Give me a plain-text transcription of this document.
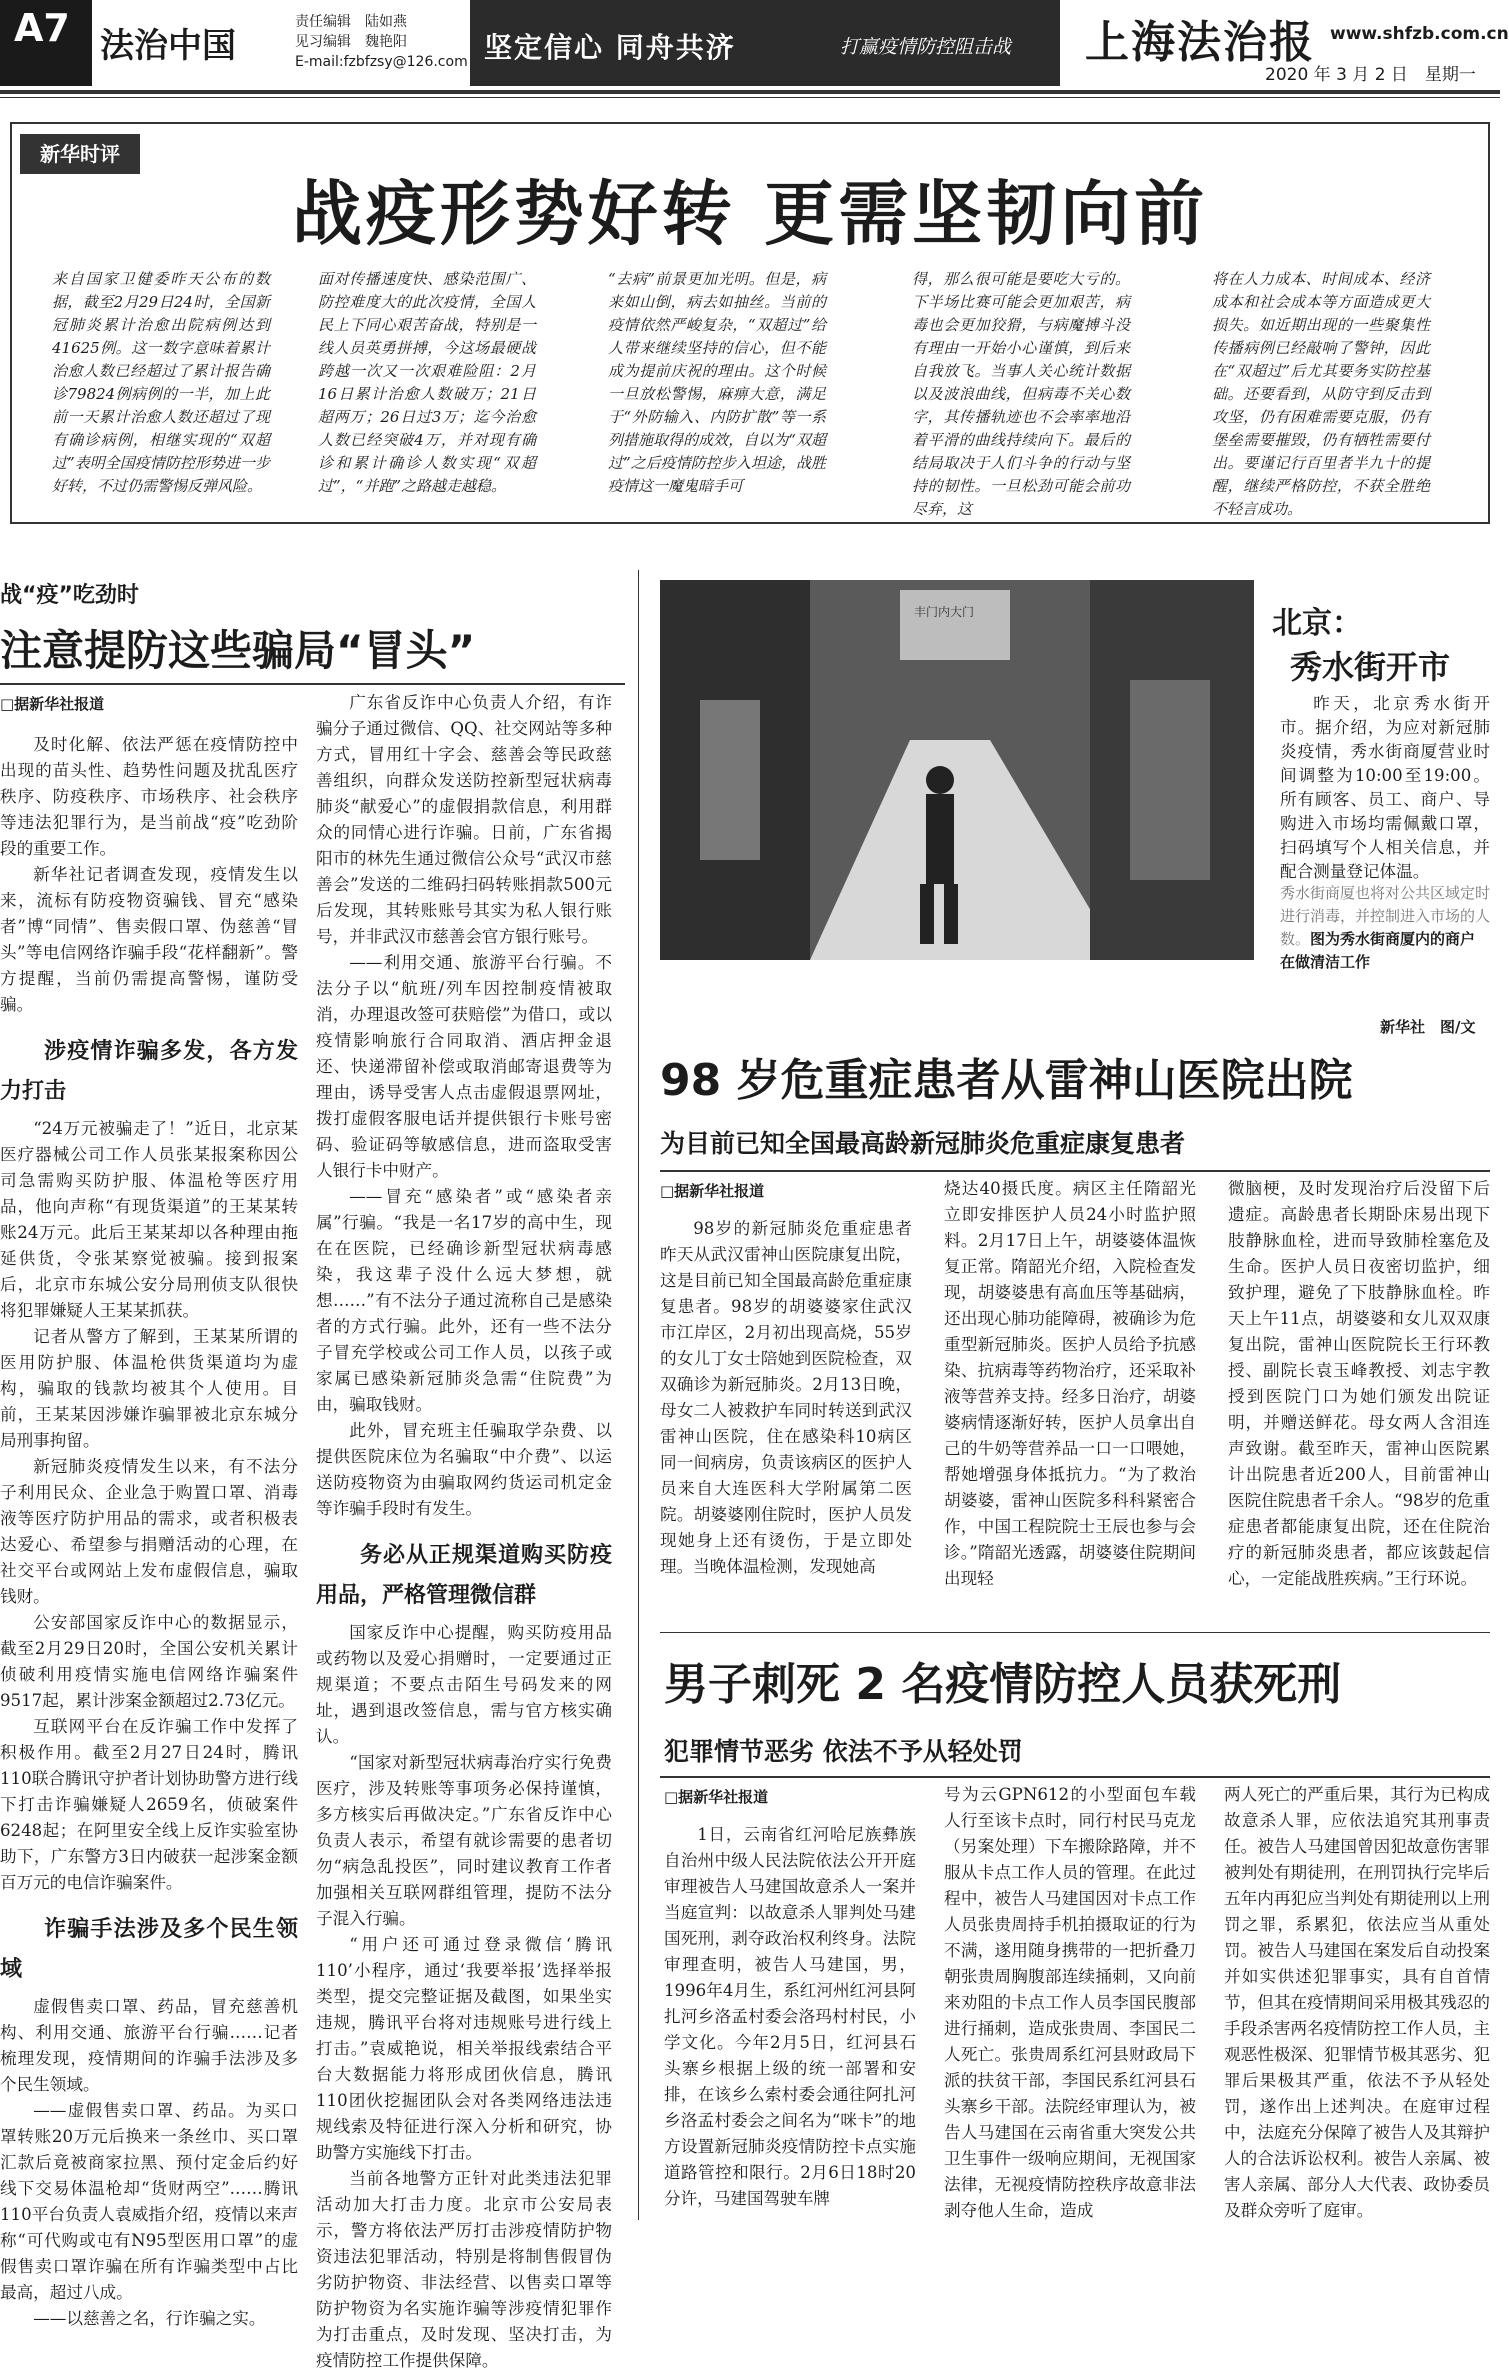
A7 法治中国
责任编辑　陆如燕
见习编辑　魏艳阳
E-mail:fzbfzsy@126.com 坚定信心 同舟共济	打赢疫情防控阻击战 上海法治报 www.shfzb.com.cn
2020 年 3 月 2 日　星期一
新华时评
战疫形势好转 更需坚韧向前
来自国家卫健委昨天公布的数据，截至2月29日24时，全国新冠肺炎累计治愈出院病例达到41625例。这一数字意味着累计治愈人数已经超过了累计报告确诊79824例病例的一半，加上此前一天累计治愈人数还超过了现有确诊病例，相继实现的“双超过”表明全国疫情防控形势进一步好转，不过仍需警惕反弹风险。
面对传播速度快、感染范围广、防控难度大的此次疫情，全国人民上下同心艰苦奋战，特别是一线人员英勇拼搏，今这场最硬战跨越一次又一次艰难险阻：2月16日累计治愈人数破万；21日超两万；26日过3万；迄今治愈人数已经突破4万，并对现有确诊和累计确诊人数实现“双超过”，“并跑”之路越走越稳。
“去病”前景更加光明。但是，病来如山倒，病去如抽丝。当前的疫情依然严峻复杂，“双超过”给人带来继续坚持的信心，但不能成为提前庆祝的理由。这个时候一旦放松警惕，麻痹大意，满足于“外防输入、内防扩散”等一系列措施取得的成效，自以为“双超过”之后疫情防控步入坦途，战胜疫情这一魔鬼暗手可
得，那么很可能是要吃大亏的。下半场比赛可能会更加艰苦，病毒也会更加狡猾，与病魔搏斗没有理由一开始小心谨慎，到后来自我放飞。当事人关心统计数据以及波浪曲线，但病毒不关心数字，其传播轨迹也不会率率地沿着平滑的曲线持续向下。最后的结局取决于人们斗争的行动与坚持的韧性。一旦松劲可能会前功尽弃，这
将在人力成本、时间成本、经济成本和社会成本等方面造成更大损失。如近期出现的一些聚集性传播病例已经敲响了警钟，因此在“双超过”后尤其要务实防控基础。还要看到，从防守到反击到攻坚，仍有困难需要克服，仍有堡垒需要摧毁，仍有牺牲需要付出。要谨记行百里者半九十的提醒，继续严格防控，不获全胜绝不轻言成功。
战“疫”吃劲时
注意提防这些骗局“冒头”
□据新华社报道

及时化解、依法严惩在疫情防控中出现的苗头性、趋势性问题及扰乱医疗秩序、防疫秩序、市场秩序、社会秩序等违法犯罪行为，是当前战“疫”吃劲阶段的重要工作。

新华社记者调查发现，疫情发生以来，流标有防疫物资骗钱、冒充“感染者”博“同情”、售卖假口罩、伪慈善“冒头”等电信网络诈骗手段“花样翻新”。警方提醒，当前仍需提高警惕，谨防受骗。

涉疫情诈骗多发，各方发力打击

“24万元被骗走了！”近日，北京某医疗器械公司工作人员张某报案称因公司急需购买防护服、体温枪等医疗用品，他向声称“有现货渠道”的王某某转账24万元。此后王某某却以各种理由拖延供货，令张某察觉被骗。接到报案后，北京市东城公安分局刑侦支队很快将犯罪嫌疑人王某某抓获。

记者从警方了解到，王某某所谓的医用防护服、体温枪供货渠道均为虚构，骗取的钱款均被其个人使用。目前，王某某因涉嫌诈骗罪被北京东城分局刑事拘留。

新冠肺炎疫情发生以来，有不法分子利用民众、企业急于购置口罩、消毒液等医疗防护用品的需求，或者积极表达爱心、希望参与捐赠活动的心理，在社交平台或网站上发布虚假信息，骗取钱财。

公安部国家反诈中心的数据显示，截至2月29日20时，全国公安机关累计侦破利用疫情实施电信网络诈骗案件9517起，累计涉案金额超过2.73亿元。

互联网平台在反诈骗工作中发挥了积极作用。截至2月27日24时，腾讯110联合腾讯守护者计划协助警方进行线下打击诈骗嫌疑人2659名，侦破案件6248起；在阿里安全线上反诈实验室协助下，广东警方3日内破获一起涉案金额百万元的电信诈骗案件。

诈骗手法涉及多个民生领域

虚假售卖口罩、药品，冒充慈善机构、利用交通、旅游平台行骗……记者梳理发现，疫情期间的诈骗手法涉及多个民生领域。

——虚假售卖口罩、药品。为买口罩转账20万元后换来一条丝巾、买口罩汇款后竟被商家拉黑、预付定金后约好线下交易体温枪却“货财两空”……腾讯110平台负责人袁威指介绍，疫情以来声称“可代购或屯有N95型医用口罩”的虚假售卖口罩诈骗在所有诈骗类型中占比最高，超过八成。

——以慈善之名，行诈骗之实。

广东省反诈中心负责人介绍，有诈骗分子通过微信、QQ、社交网站等多种方式，冒用红十字会、慈善会等民政慈善组织，向群众发送防控新型冠状病毒肺炎“献爱心”的虚假捐款信息，利用群众的同情心进行诈骗。日前，广东省揭阳市的林先生通过微信公众号“武汉市慈善会”发送的二维码扫码转账捐款500元后发现，其转账账号其实为私人银行账号，并非武汉市慈善会官方银行账号。

——利用交通、旅游平台行骗。不法分子以“航班/列车因控制疫情被取消，办理退改签可获赔偿”为借口，或以疫情影响旅行合同取消、酒店押金退还、快递滞留补偿或取消邮寄退费等为理由，诱导受害人点击虚假退票网址，拨打虚假客服电话并提供银行卡账号密码、验证码等敏感信息，进而盗取受害人银行卡中财产。

——冒充“感染者”或“感染者亲属”行骗。“我是一名17岁的高中生，现在在医院，已经确诊新型冠状病毒感染，我这辈子没什么远大梦想，就想……”有不法分子通过流称自己是感染者的方式行骗。此外，还有一些不法分子冒充学校或公司工作人员，以孩子或家属已感染新冠肺炎急需“住院费”为由，骗取钱财。

此外，冒充班主任骗取学杂费、以提供医院床位为名骗取“中介费”、以运送防疫物资为由骗取网约货运司机定金等诈骗手段时有发生。

务必从正规渠道购买防疫用品，严格管理微信群

国家反诈中心提醒，购买防疫用品或药物以及爱心捐赠时，一定要通过正规渠道；不要点击陌生号码发来的网址，遇到退改签信息，需与官方核实确认。

“国家对新型冠状病毒治疗实行免费医疗，涉及转账等事项务必保持谨慎，多方核实后再做决定。”广东省反诈中心负责人表示，希望有就诊需要的患者切勿“病急乱投医”，同时建议教育工作者加强相关互联网群组管理，提防不法分子混入行骗。

“用户还可通过登录微信‘腾讯110’小程序，通过‘我要举报’选择举报类型，提交完整证据及截图，如果坐实违规，腾讯平台将对违规账号进行线上打击。”袁威艳说，相关举报线索结合平台大数据能力将形成团伙信息，腾讯110团伙挖掘团队会对各类网络违法违规线索及特征进行深入分析和研究，协助警方实施线下打击。

当前各地警方正针对此类违法犯罪活动加大打击力度。北京市公安局表示，警方将依法严厉打击涉疫情防护物资违法犯罪活动，特别是将制售假冒伪劣防护物资、非法经营、以售卖口罩等防护物资为名实施诈骗等涉疫情犯罪作为打击重点，及时发现、坚决打击，为疫情防控工作提供保障。

丰门内大门	北京：
秀水街开市

昨天，北京秀水街开市。据介绍，为应对新冠肺炎疫情，秀水街商厦营业时间调整为10:00至19:00。所有顾客、员工、商户、导购进入市场均需佩戴口罩，扫码填写个人相关信息，并配合测量登记体温。

秀水街商厦也将对公共区域定时进行消毒，并控制进入市场的人数。图为秀水街商厦内的商户在做清洁工作
新华社　图/文
98 岁危重症患者从雷神山医院出院
为目前已知全国最高龄新冠肺炎危重症康复患者
□据新华社报道

98岁的新冠肺炎危重症患者昨天从武汉雷神山医院康复出院，这是目前已知全国最高龄危重症康复患者。98岁的胡婆婆家住武汉市江岸区，2月初出现高烧，55岁的女儿丁女士陪她到医院检查，双双确诊为新冠肺炎。2月13日晚，母女二人被救护车同时转送到武汉雷神山医院，住在感染科10病区同一间病房，负责该病区的医护人员来自大连医科大学附属第二医院。胡婆婆刚住院时，医护人员发现她身上还有烫伤，于是立即处理。当晚体温检测，发现她高

烧达40摄氏度。病区主任隋韶光立即安排医护人员24小时监护照料。2月17日上午，胡婆婆体温恢复正常。隋韶光介绍，入院检查发现，胡婆婆患有高血压等基础病，还出现心肺功能障碍，被确诊为危重型新冠肺炎。医护人员给予抗感染、抗病毒等药物治疗，还采取补液等营养支持。经多日治疗，胡婆婆病情逐渐好转，医护人员拿出自己的牛奶等营养品一口一口喂她，帮她增强身体抵抗力。“为了救治胡婆婆，雷神山医院多科科紧密合作，中国工程院院士王辰也参与会诊。”隋韶光透露，胡婆婆住院期间出现轻

微脑梗，及时发现治疗后没留下后遗症。高龄患者长期卧床易出现下肢静脉血栓，进而导致肺栓塞危及生命。医护人员日夜密切监护，细致护理，避免了下肢静脉血栓。昨天上午11点，胡婆婆和女儿双双康复出院，雷神山医院院长王行环教授、副院长袁玉峰教授、刘志宇教授到医院门口为她们颁发出院证明，并赠送鲜花。母女两人含泪连声致谢。截至昨天，雷神山医院累计出院患者近200人，目前雷神山医院住院患者千余人。“98岁的危重症患者都能康复出院，还在住院治疗的新冠肺炎患者，都应该鼓起信心，一定能战胜疾病。”王行环说。

男子刺死 2 名疫情防控人员获死刑
犯罪情节恶劣 依法不予从轻处罚
□据新华社报道

1日，云南省红河哈尼族彝族自治州中级人民法院依法公开开庭审理被告人马建国故意杀人一案并当庭宣判：以故意杀人罪判处马建国死刑，剥夺政治权利终身。法院审理查明，被告人马建国，男，1996年4月生，系红河州红河县阿扎河乡洛孟村委会洛玛村村民，小学文化。今年2月5日，红河县石头寨乡根据上级的统一部署和安排，在该乡么索村委会通往阿扎河乡洛孟村委会之间名为“咪卡”的地方设置新冠肺炎疫情防控卡点实施道路管控和限行。2月6日18时20分许，马建国驾驶车牌

号为云GPN612的小型面包车载人行至该卡点时，同行村民马克龙（另案处理）下车搬除路障，并不服从卡点工作人员的管理。在此过程中，被告人马建国因对卡点工作人员张贵周持手机拍摄取证的行为不满，遂用随身携带的一把折叠刀朝张贵周胸腹部连续捅刺，又向前来劝阻的卡点工作人员李国民腹部进行捅刺，造成张贵周、李国民二人死亡。张贵周系红河县财政局下派的扶贫干部，李国民系红河县石头寨乡干部。法院经审理认为，被告人马建国在云南省重大突发公共卫生事件一级响应期间，无视国家法律，无视疫情防控秩序故意非法剥夺他人生命，造成

两人死亡的严重后果，其行为已构成故意杀人罪，应依法追究其刑事责任。被告人马建国曾因犯故意伤害罪被判处有期徒刑，在刑罚执行完毕后五年内再犯应当判处有期徒刑以上刑罚之罪，系累犯，依法应当从重处罚。被告人马建国在案发后自动投案并如实供述犯罪事实，具有自首情节，但其在疫情期间采用极其残忍的手段杀害两名疫情防控工作人员，主观恶性极深、犯罪情节极其恶劣、犯罪后果极其严重，依法不予从轻处罚，遂作出上述判决。在庭审过程中，法庭充分保障了被告人及其辩护人的合法诉讼权利。被告人亲属、被害人亲属、部分人大代表、政协委员及群众旁听了庭审。
